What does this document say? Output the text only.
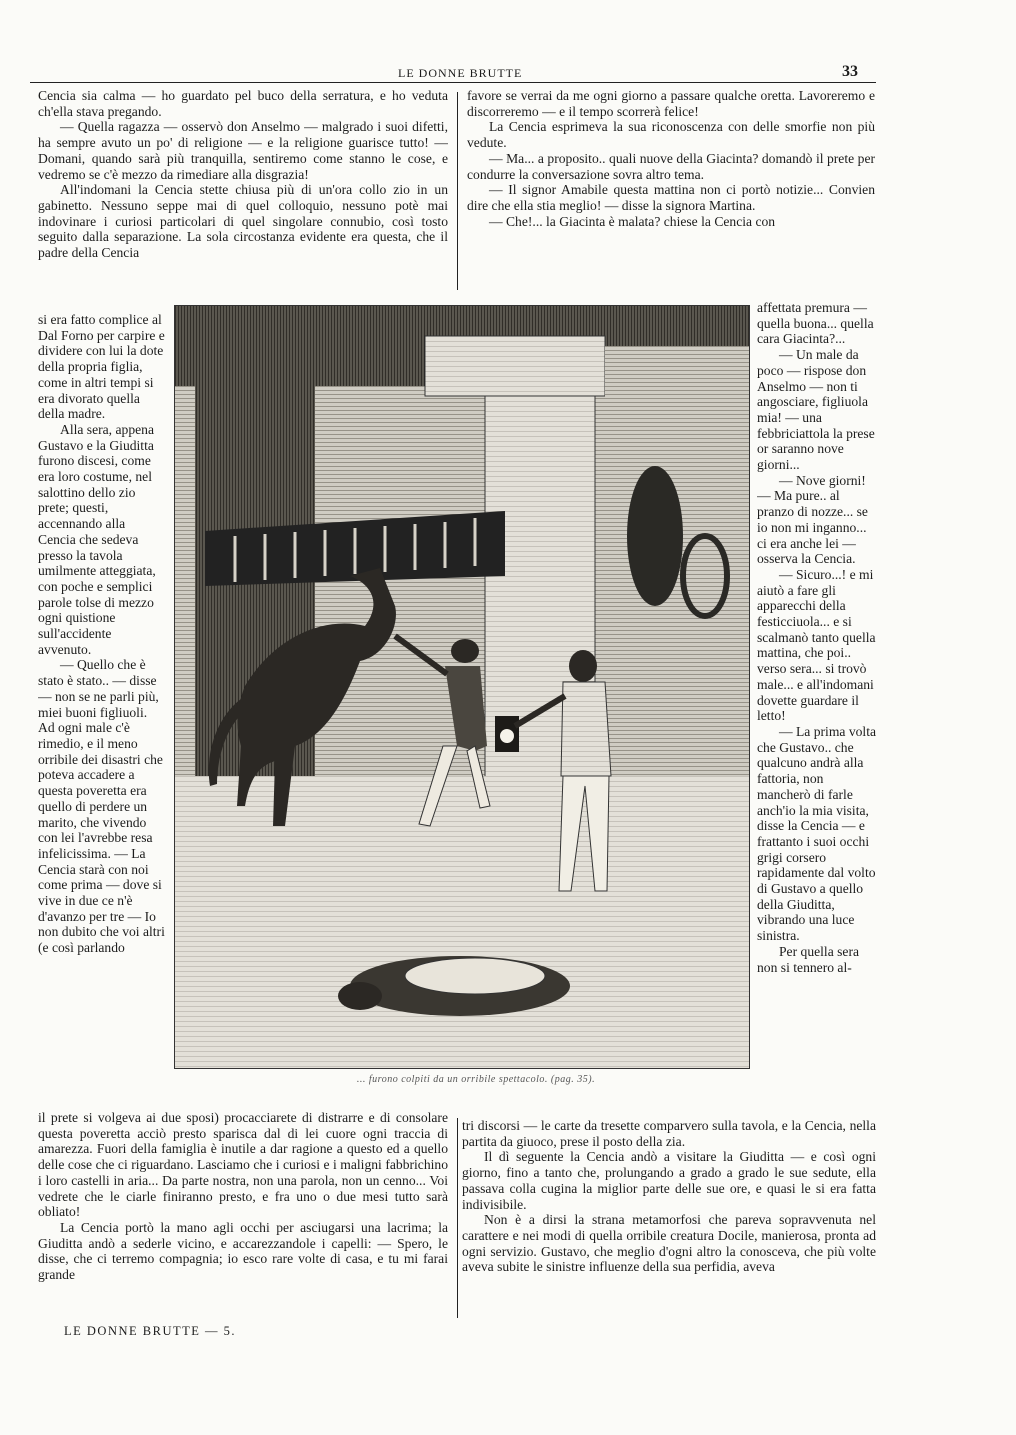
LE DONNE BRUTTE	33

Cencia sia calma — ho guardato pel buco della serratura, e ho veduta ch'ella stava pregando.

— Quella ragazza — osservò don Anselmo — malgrado i suoi difetti, ha sempre avuto un po' di religione — e la religione guarisce tutto! — Domani, quando sarà più tranquilla, sentiremo come stanno le cose, e vedremo se c'è mezzo da rimediare alla disgrazia!

All'indomani la Cencia stette chiusa più di un'ora collo zio in un gabinetto. Nessuno seppe mai di quel colloquio, nessuno potè mai indovinare i curiosi particolari di quel singolare connubio, così tosto seguito dalla separazione. La sola circostanza evidente era questa, che il padre della Cencia

favore se verrai da me ogni giorno a passare qualche oretta. Lavoreremo e discorreremo — e il tempo scorrerà felice!

La Cencia esprimeva la sua riconoscenza con delle smorfie non più vedute.

— Ma... a proposito.. quali nuove della Giacinta? domandò il prete per condurre la conversazione sovra altro tema.

— Il signor Amabile questa mattina non ci portò notizie... Convien dire che ella stia meglio! — disse la signora Martina.

— Che!... la Giacinta è malata? chiese la Cencia con

si era fatto complice al Dal Forno per carpire e dividere con lui la dote della propria figlia, come in altri tempi si era divorato quella della madre.

Alla sera, appena Gustavo e la Giuditta furono discesi, come era loro costume, nel salottino dello zio prete; questi, accennando alla Cencia che sedeva presso la tavola umilmente atteggiata, con poche e semplici parole tolse di mezzo ogni quistione sull'accidente avvenuto.

— Quello che è stato è stato.. — disse — non se ne parli più, miei buoni figliuoli. Ad ogni male c'è rimedio, e il meno orribile dei disastri che poteva accadere a questa poveretta era quello di perdere un marito, che vivendo con lei l'avrebbe resa infelicissima. — La Cencia starà con noi come prima — dove si vive in due ce n'è d'avanzo per tre — Io non dubito che voi altri (e così parlando

affettata premura — quella buona... quella cara Giacinta?...

— Un male da poco — rispose don Anselmo — non ti angosciare, figliuola mia! — una febbriciattola la prese or saranno nove giorni...

— Nove giorni! — Ma pure.. al pranzo di nozze... se io non mi inganno... ci era anche lei — osserva la Cencia.

— Sicuro...! e mi aiutò a fare gli apparecchi della festicciuola... e si scalmanò tanto quella mattina, che poi.. verso sera... si trovò male... e all'indomani dovette guardare il letto!

— La prima volta che Gustavo.. che qualcuno andrà alla fattoria, non mancherò di farle anch'io la mia visita, disse la Cencia — e frattanto i suoi occhi grigi corsero rapidamente dal volto di Gustavo a quello della Giuditta, vibrando una luce sinistra.

Per quella sera non si tennero al-

... furono colpiti da un orribile spettacolo. (pag. 35).

il prete si volgeva ai due sposi) procacciarete di distrarre e di consolare questa poveretta acciò presto sparisca dal di lei cuore ogni traccia di amarezza. Fuori della famiglia è inutile a dar ragione a questo ed a quello delle cose che ci riguardano. Lasciamo che i curiosi e i maligni fabbrichino i loro castelli in aria... Da parte nostra, non una parola, non un cenno... Voi vedrete che le ciarle finiranno presto, e fra uno o due mesi tutto sarà obliato!

La Cencia portò la mano agli occhi per asciugarsi una lacrima; la Giuditta andò a sederle vicino, e accarezzandole i capelli: — Spero, le disse, che ci terremo compagnia; io esco rare volte di casa, e tu mi farai grande

tri discorsi — le carte da tresette comparvero sulla tavola, e la Cencia, nella partita da giuoco, prese il posto della zia.

Il dì seguente la Cencia andò a visitare la Giuditta — e così ogni giorno, fino a tanto che, prolungando a grado a grado le sue sedute, ella passava colla cugina la miglior parte delle sue ore, e quasi le si era fatta indivisibile.

Non è a dirsi la strana metamorfosi che pareva sopravvenuta nel carattere e nei modi di quella orribile creatura Docile, manierosa, pronta ad ogni servizio. Gustavo, che meglio d'ogni altro la conosceva, che più volte aveva subite le sinistre influenze della sua perfidia, aveva

LE DONNE BRUTTE — 5.
